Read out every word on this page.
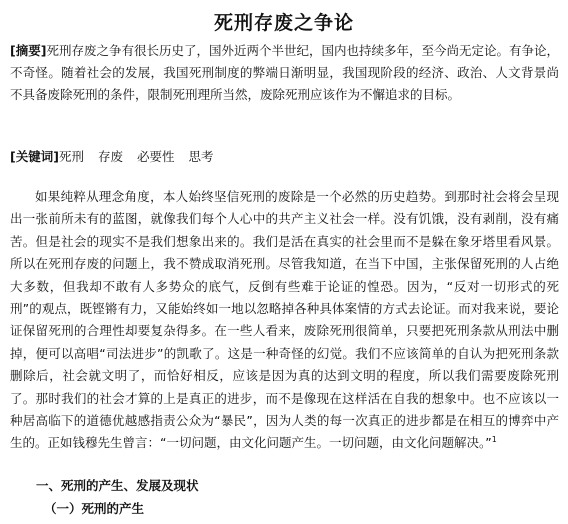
死刑存废之争论

[摘要]死刑存废之争有很长历史了，国外近两个半世纪，国内也持续多年，至今尚无定论。有争论，不奇怪。随着社会的发展，我国死刑制度的弊端日渐明显，我国现阶段的经济、政治、人文背景尚不具备废除死刑的条件，限制死刑理所当然，废除死刑应该作为不懈追求的目标。

[关键词]死刑 存废 必要性 思考

如果纯粹从理念角度，本人始终坚信死刑的废除是一个必然的历史趋势。到那时社会将会呈现出一张前所未有的蓝图，就像我们每个人心中的共产主义社会一样。没有饥饿，没有剥削，没有痛苦。但是社会的现实不是我们想象出来的。我们是活在真实的社会里而不是躲在象牙塔里看风景。所以在死刑存废的问题上，我不赞成取消死刑。尽管我知道，在当下中国，主张保留死刑的人占绝大多数，但我却不敢有人多势众的底气，反倒有些难于论证的惶恐。因为，“反对一切形式的死刑”的观点，既铿锵有力，又能始终如一地以忽略掉各种具体案情的方式去论证。而对我来说，要论证保留死刑的合理性却要复杂得多。在一些人看来，废除死刑很简单，只要把死刑条款从刑法中删掉，便可以高唱“司法进步”的凯歌了。这是一种奇怪的幻觉。我们不应该简单的自认为把死刑条款删除后，社会就文明了，而恰好相反，应该是因为真的达到文明的程度，所以我们需要废除死刑了。那时我们的社会才算的上是真正的进步，而不是像现在这样活在自我的想象中。也不应该以一种居高临下的道德优越感指责公众为“暴民”，因为人类的每一次真正的进步都是在相互的博弈中产生的。正如钱穆先生曾言：“一切问题，由文化问题产生。一切问题，由文化问题解决。”$^1$

一、死刑的产生、发展及现状
（一）死刑的产生
